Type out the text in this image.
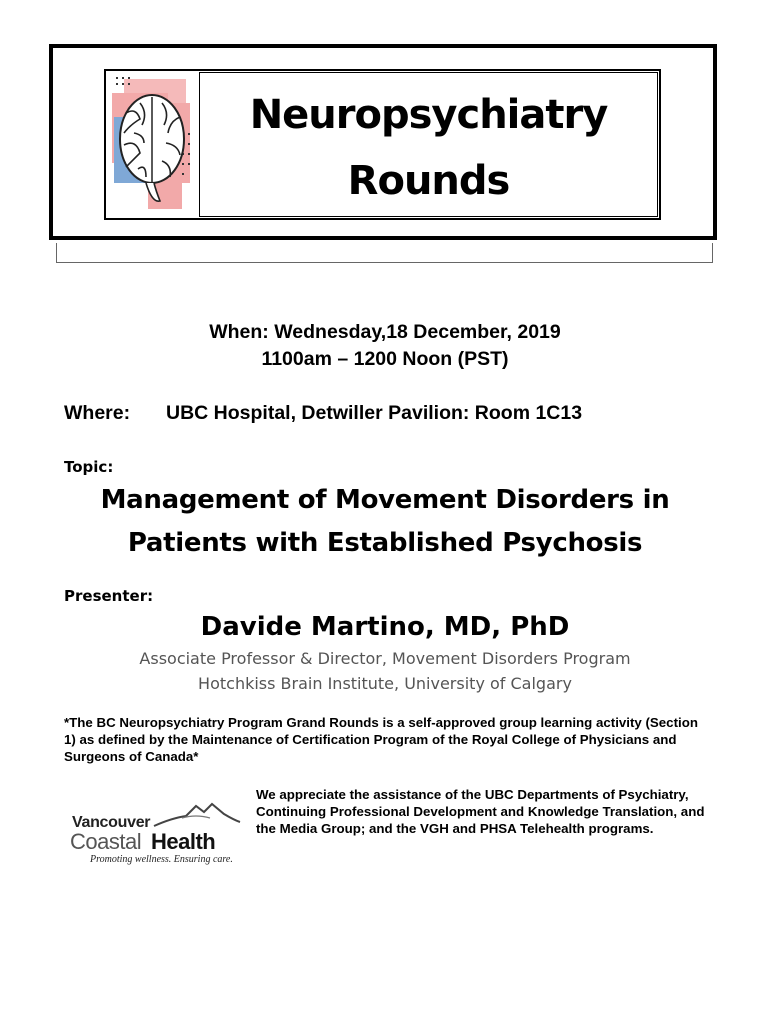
Neuropsychiatry
Rounds
When: Wednesday,18 December, 2019
1100am – 1200 Noon (PST)
Where: UBC Hospital, Detwiller Pavilion: Room 1C13
Topic:
Management of Movement Disorders in
Patients with Established Psychosis
Presenter:
Davide Martino, MD, PhD
Associate Professor & Director, Movement Disorders Program
Hotchkiss Brain Institute, University of Calgary
*The BC Neuropsychiatry Program Grand Rounds is a self-approved group learning activity (Section 1) as defined by the Maintenance of Certification Program of the Royal College of Physicians and Surgeons of Canada*
We appreciate the assistance of the UBC Departments of Psychiatry, Continuing Professional Development and Knowledge Translation, and the Media Group; and the VGH and PHSA Telehealth programs.
Vancouver
Coastal Health
Promoting wellness. Ensuring care.
